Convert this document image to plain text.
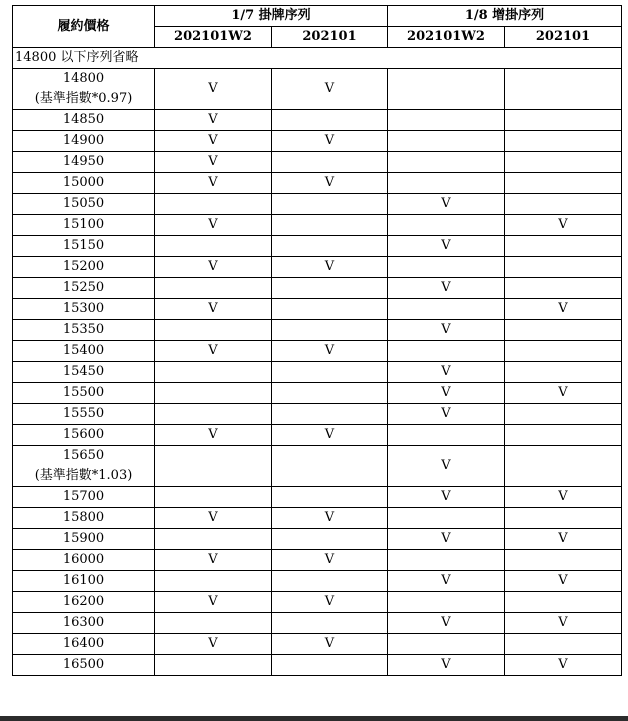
履約價格	1/7 掛牌序列		1/8 增掛序列	
	202101W2	202101	202101W2	202101
14800 以下序列省略				

14800
(基準指數*0.97)	V	V		

14850	V			

14900	V	V		

14950	V			

15000	V	V		

15050			V	

15100	V			V

15150			V	

15200	V	V		

15250			V	

15300	V			V

15350			V	

15400	V	V		

15450			V	

15500			V	V

15550			V	

15600	V	V		

15650
(基準指數*1.03)			V	

15700			V	V

15800	V	V		

15900			V	V

16000	V	V		

16100			V	V

16200	V	V		

16300			V	V

16400	V	V		

16500			V	V
